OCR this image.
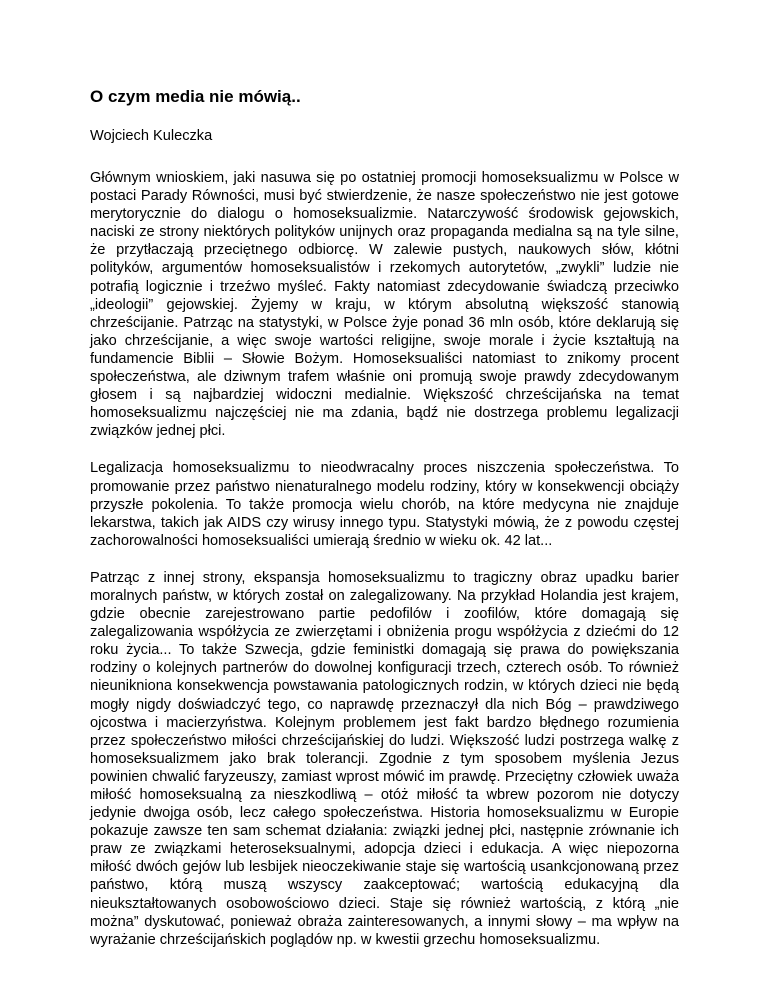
O czym media nie mówią..

Wojciech Kuleczka

Głównym wnioskiem, jaki nasuwa się po ostatniej promocji homoseksualizmu w Polsce w postaci Parady Równości, musi być stwierdzenie, że nasze społeczeństwo nie jest gotowe merytorycznie do dialogu o homoseksualizmie. Natarczywość środowisk gejowskich, naciski ze strony niektórych polityków unijnych oraz propaganda medialna są na tyle silne, że przytłaczają przeciętnego odbiorcę. W zalewie pustych, naukowych słów, kłótni polityków, argumentów homoseksualistów i rzekomych autorytetów, „zwykli” ludzie nie potrafią logicznie i trzeźwo myśleć. Fakty natomiast zdecydowanie świadczą przeciwko „ideologii” gejowskiej. Żyjemy w kraju, w którym absolutną większość stanowią chrześcijanie. Patrząc na statystyki, w Polsce żyje ponad 36 mln osób, które deklarują się jako chrześcijanie, a więc swoje wartości religijne, swoje morale i życie kształtują na fundamencie Biblii – Słowie Bożym. Homoseksualiści natomiast to znikomy procent społeczeństwa, ale dziwnym trafem właśnie oni promują swoje prawdy zdecydowanym głosem i są najbardziej widoczni medialnie. Większość chrześcijańska na temat homoseksualizmu najczęściej nie ma zdania, bądź nie dostrzega problemu legalizacji związków jednej płci.

Legalizacja homoseksualizmu to nieodwracalny proces niszczenia społeczeństwa. To promowanie przez państwo nienaturalnego modelu rodziny, który w konsekwencji obciąży przyszłe pokolenia. To także promocja wielu chorób, na które medycyna nie znajduje lekarstwa, takich jak AIDS czy wirusy innego typu. Statystyki mówią, że z powodu częstej zachorowalności homoseksualiści umierają średnio w wieku ok. 42 lat...

Patrząc z innej strony, ekspansja homoseksualizmu to tragiczny obraz upadku barier moralnych państw, w których został on zalegalizowany. Na przykład Holandia jest krajem, gdzie obecnie zarejestrowano partie pedofilów i zoofilów, które domagają się zalegalizowania współżycia ze zwierzętami i obniżenia progu współżycia z dziećmi do 12 roku życia... To także Szwecja, gdzie feministki domagają się prawa do powiększania rodziny o kolejnych partnerów do dowolnej konfiguracji trzech, czterech osób. To również nieunikniona konsekwencja powstawania patologicznych rodzin, w których dzieci nie będą mogły nigdy doświadczyć tego, co naprawdę przeznaczył dla nich Bóg – prawdziwego ojcostwa i macierzyństwa. Kolejnym problemem jest fakt bardzo błędnego rozumienia przez społeczeństwo miłości chrześcijańskiej do ludzi. Większość ludzi postrzega walkę z homoseksualizmem jako brak tolerancji. Zgodnie z tym sposobem myślenia Jezus powinien chwalić faryzeuszy, zamiast wprost mówić im prawdę. Przeciętny człowiek uważa miłość homoseksualną za nieszkodliwą – otóż miłość ta wbrew pozorom nie dotyczy jedynie dwojga osób, lecz całego społeczeństwa. Historia homoseksualizmu w Europie pokazuje zawsze ten sam schemat działania: związki jednej płci, następnie zrównanie ich praw ze związkami heteroseksualnymi, adopcja dzieci i edukacja. A więc niepozorna miłość dwóch gejów lub lesbijek nieoczekiwanie staje się wartością usankcjonowaną przez państwo, którą muszą wszyscy zaakceptować; wartością edukacyjną dla nieukształtowanych osobowościowo dzieci. Staje się również wartością, z którą „nie można” dyskutować, ponieważ obraża zainteresowanych, a innymi słowy – ma wpływ na wyrażanie chrześcijańskich poglądów np. w kwestii grzechu homoseksualizmu.
